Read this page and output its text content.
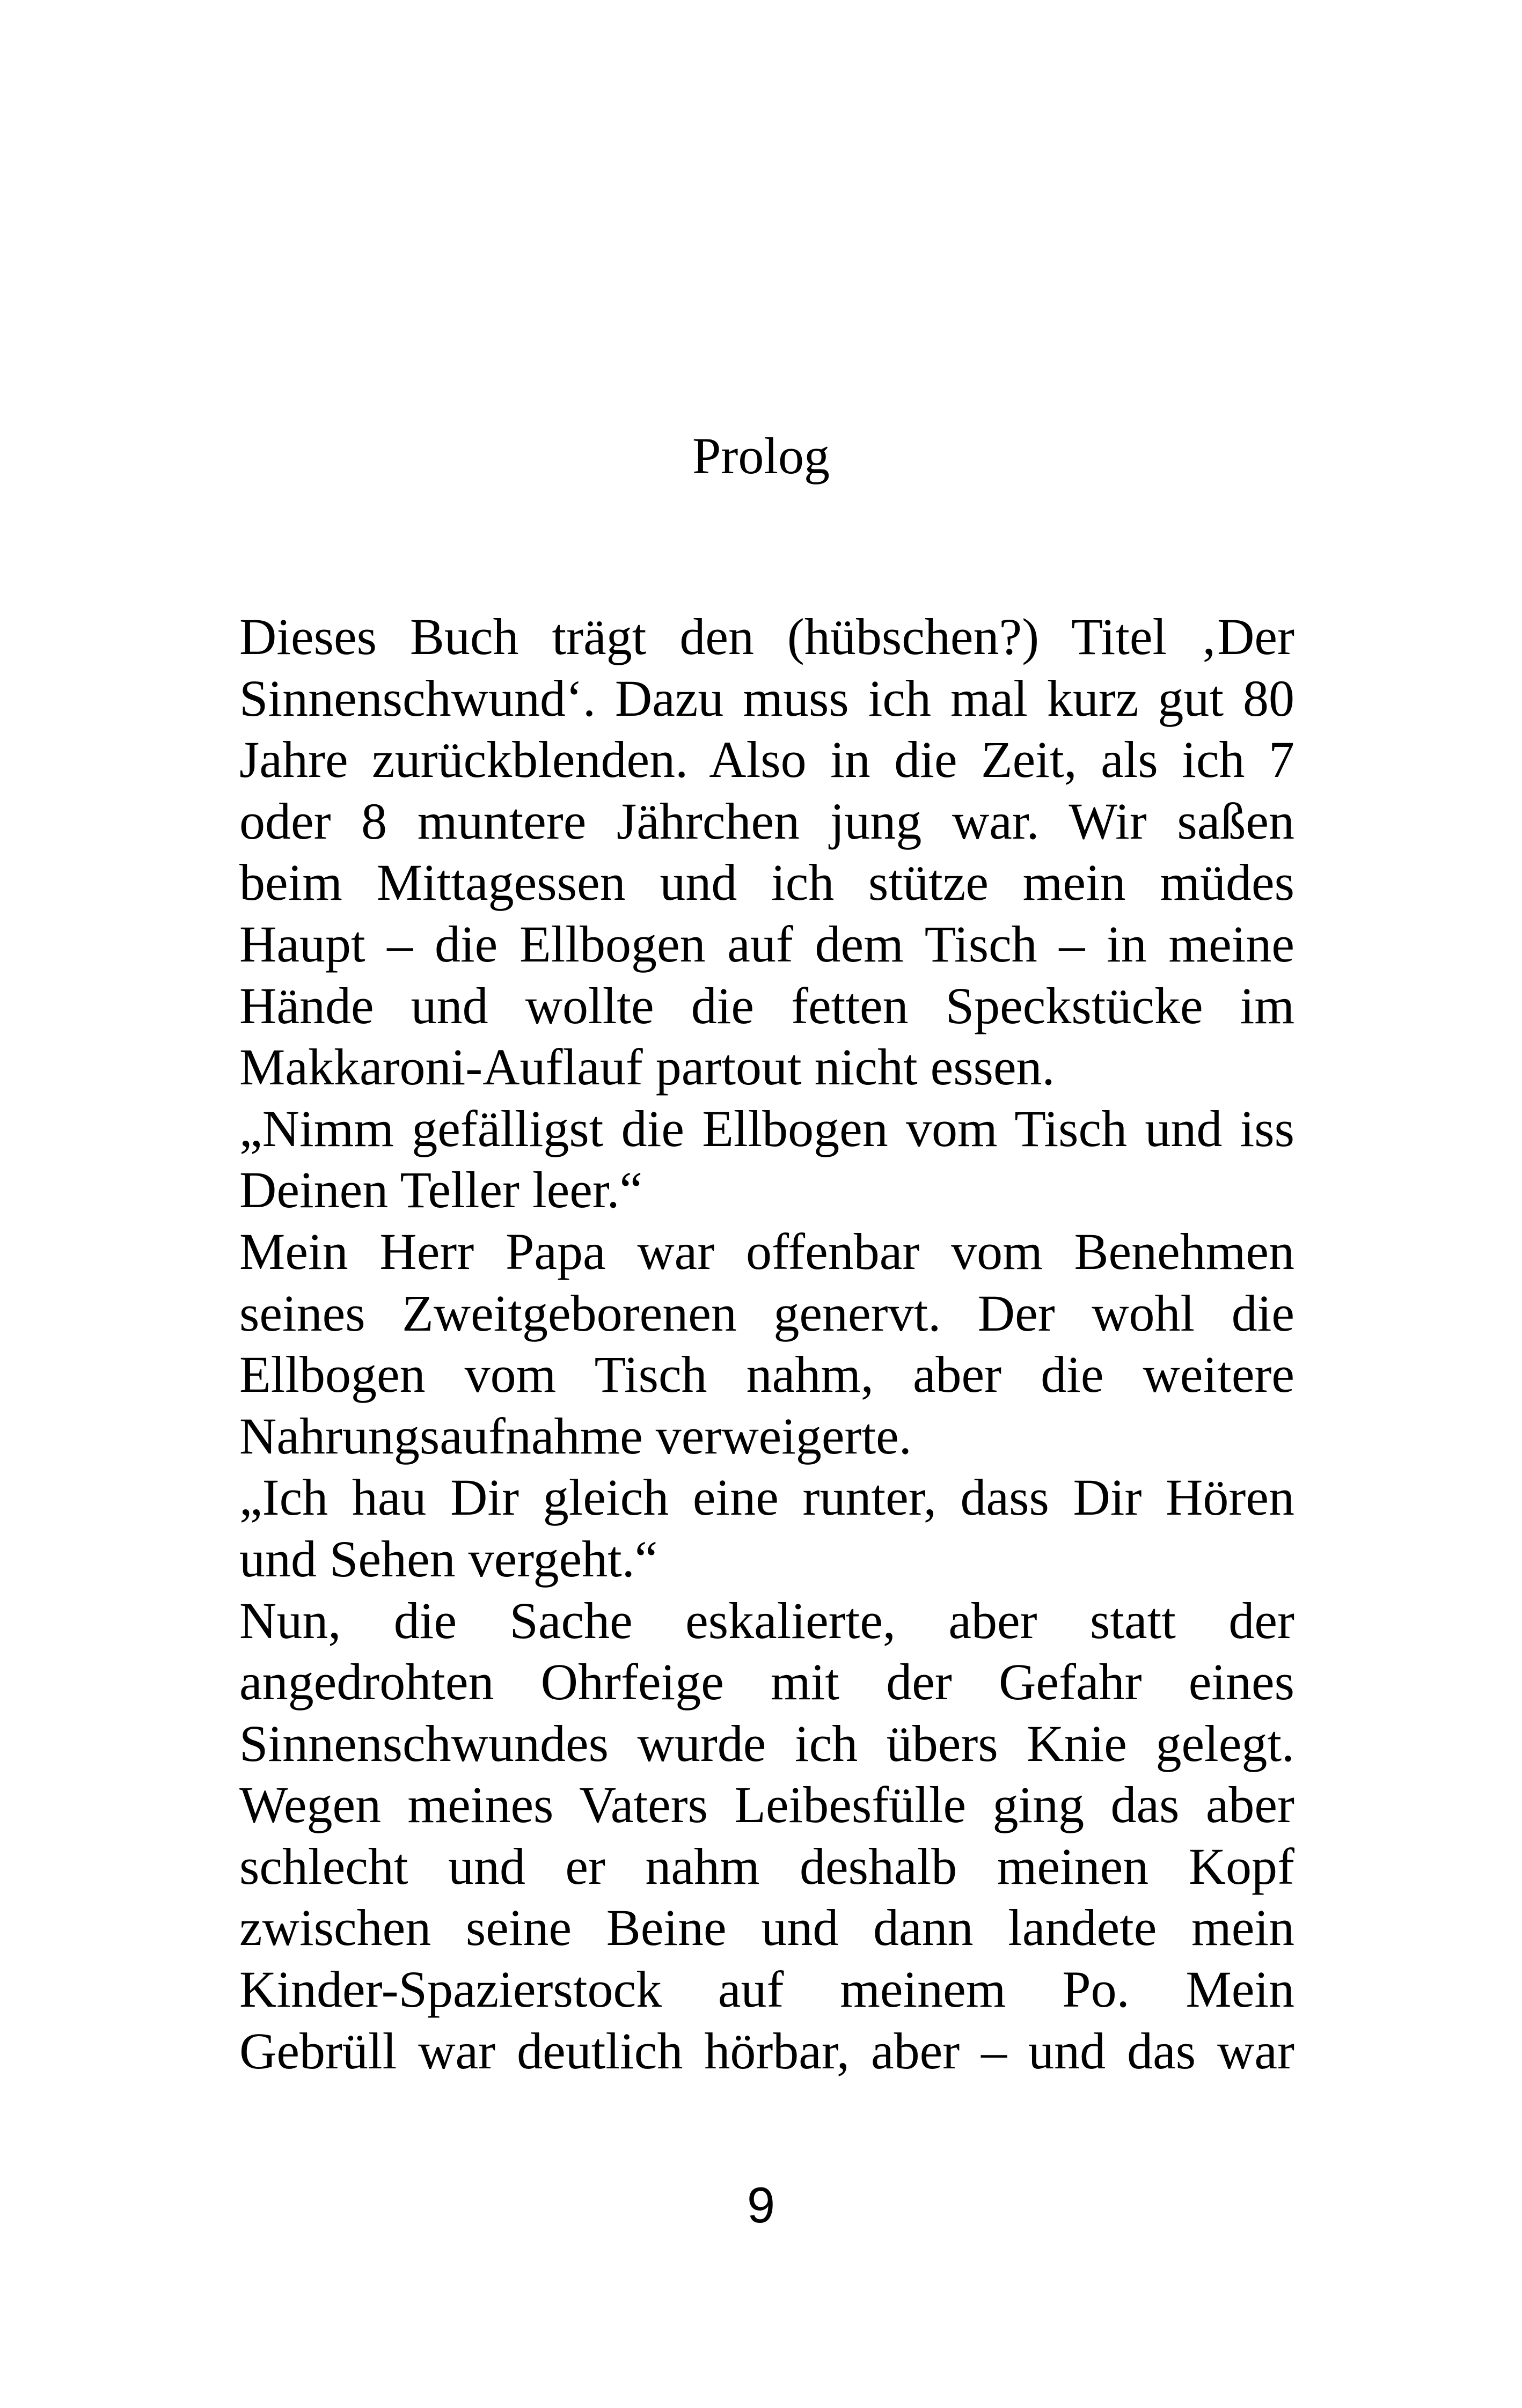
Prolog
Dieses Buch trägt den (hübschen?) Titel ‚Der
Sinnenschwund‘. Dazu muss ich mal kurz gut 80
Jahre zurückblenden. Also in die Zeit, als ich 7
oder 8 muntere Jährchen jung war. Wir saßen
beim Mittagessen und ich stütze mein müdes
Haupt – die Ellbogen auf dem Tisch – in meine
Hände und wollte die fetten Speckstücke im
Makkaroni-Auflauf partout nicht essen.
„Nimm gefälligst die Ellbogen vom Tisch und iss
Deinen Teller leer.“
Mein Herr Papa war offenbar vom Benehmen
seines Zweitgeborenen genervt. Der wohl die
Ellbogen vom Tisch nahm, aber die weitere
Nahrungsaufnahme verweigerte.
„Ich hau Dir gleich eine runter, dass Dir Hören
und Sehen vergeht.“
Nun, die Sache eskalierte, aber statt der
angedrohten Ohrfeige mit der Gefahr eines
Sinnenschwundes wurde ich übers Knie gelegt.
Wegen meines Vaters Leibesfülle ging das aber
schlecht und er nahm deshalb meinen Kopf
zwischen seine Beine und dann landete mein
Kinder-Spazierstock auf meinem Po. Mein
Gebrüll war deutlich hörbar, aber – und das war
9
